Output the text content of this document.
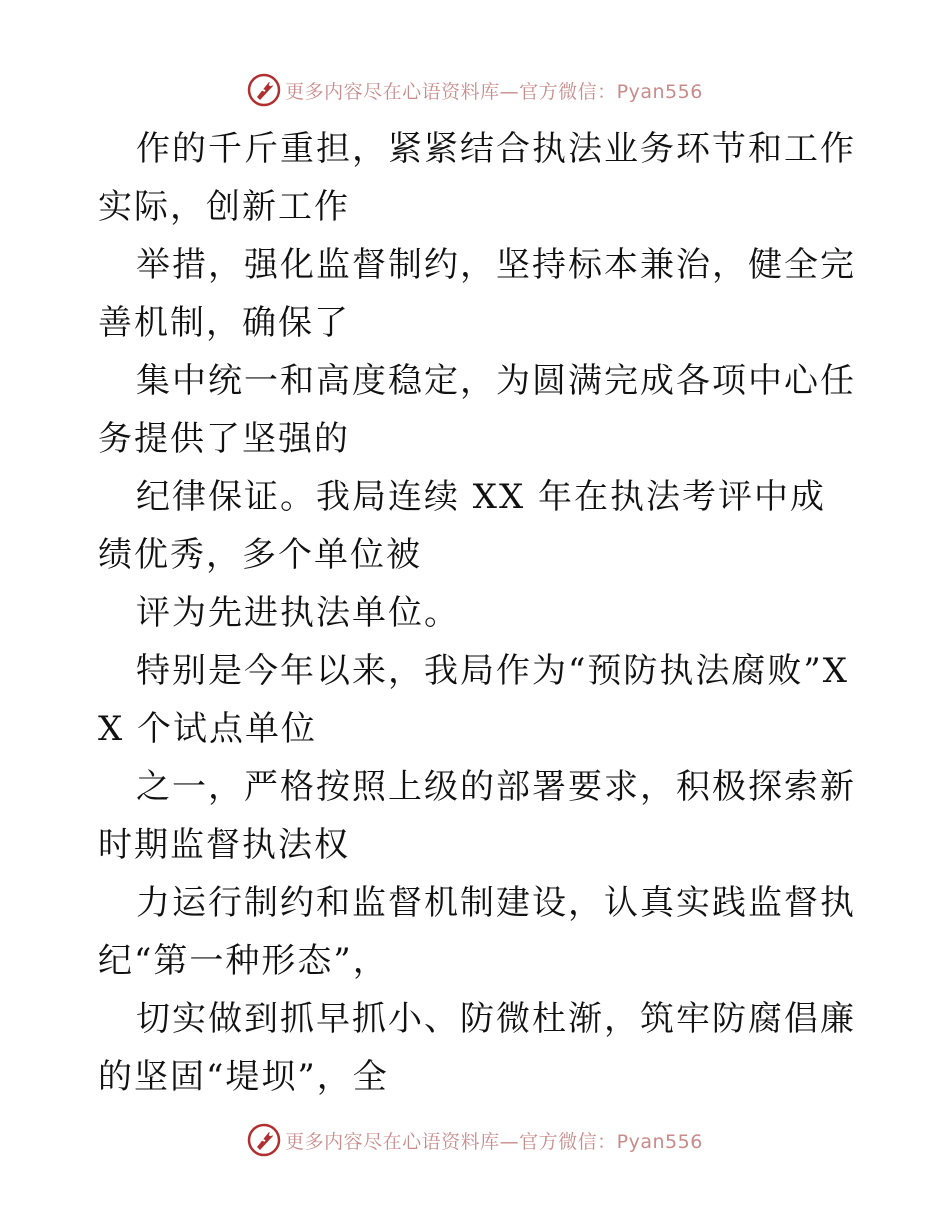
更多内容尽在心语资料库—官方微信：Pyan556

作的千斤重担，紧紧结合执法业务环节和工作实际，创新工作

举措，强化监督制约，坚持标本兼治，健全完善机制，确保了

集中统一和高度稳定，为圆满完成各项中心任务提供了坚强的

纪律保证。我局连续 XX 年在执法考评中成绩优秀，多个单位被

评为先进执法单位。

特别是今年以来，我局作为“预防执法腐败”XX 个试点单位

之一，严格按照上级的部署要求，积极探索新时期监督执法权

力运行制约和监督机制建设，认真实践监督执纪“第一种形态”，

切实做到抓早抓小、防微杜渐，筑牢防腐倡廉的坚固“堤坝”，全

更多内容尽在心语资料库—官方微信：Pyan556
